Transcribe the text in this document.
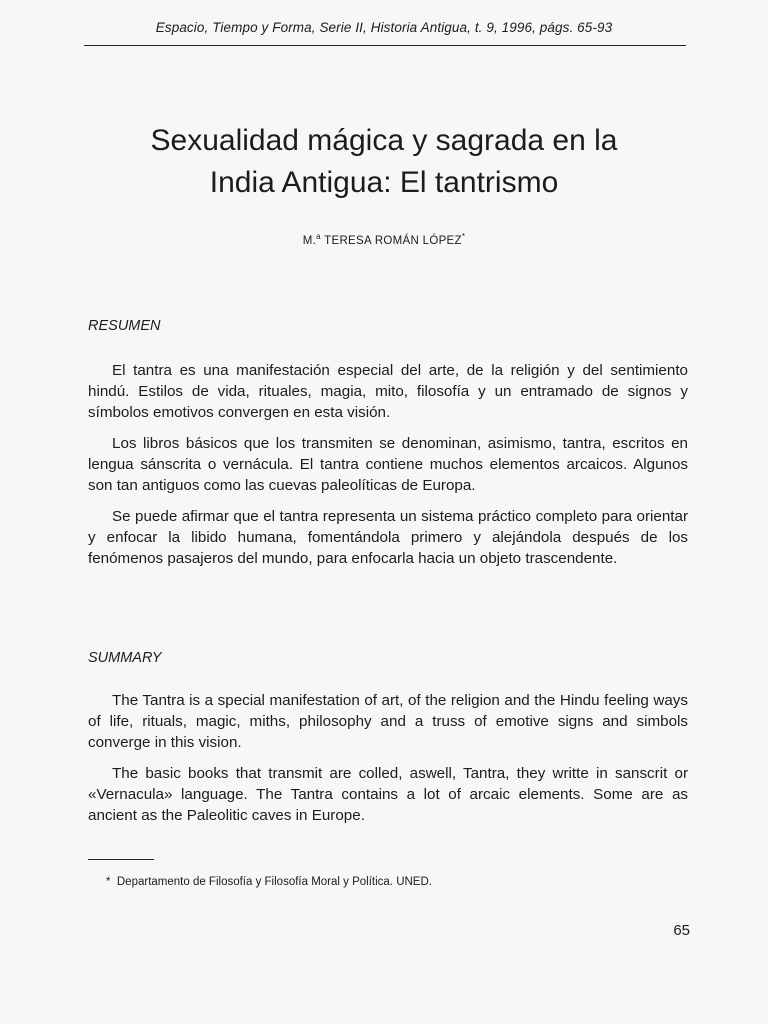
Espacio, Tiempo y Forma, Serie II, Historia Antigua, t. 9, 1996, págs. 65-93
Sexualidad mágica y sagrada en la
India Antigua: El tantrismo
M.$^a$ TERESA ROMÁN LÓPEZ*
RESUMEN

El tantra es una manifestación especial del arte, de la religión y del sentimiento hindú. Estilos de vida, rituales, magia, mito, filosofía y un entramado de signos y símbolos emotivos convergen en esta visión.

Los libros básicos que los transmiten se denominan, asimismo, tantra, escritos en lengua sánscrita o vernácula. El tantra contiene muchos elementos arcaicos. Algunos son tan antiguos como las cuevas paleolíticas de Europa.

Se puede afirmar que el tantra representa un sistema práctico completo para orientar y enfocar la libido humana, fomentándola primero y alejándola después de los fenómenos pasajeros del mundo, para enfocarla hacia un objeto trascendente.

SUMMARY

The Tantra is a special manifestation of art, of the religion and the Hindu feeling ways of life, rituals, magic, miths, philosophy and a truss of emotive signs and simbols converge in this vision.

The basic books that transmit are colled, aswell, Tantra, they writte in sanscrit or «Vernacula» language. The Tantra contains a lot of arcaic elements. Some are as ancient as the Paleolitic caves in Europe.

* Departamento de Filosofía y Filosofía Moral y Política. UNED.
65
